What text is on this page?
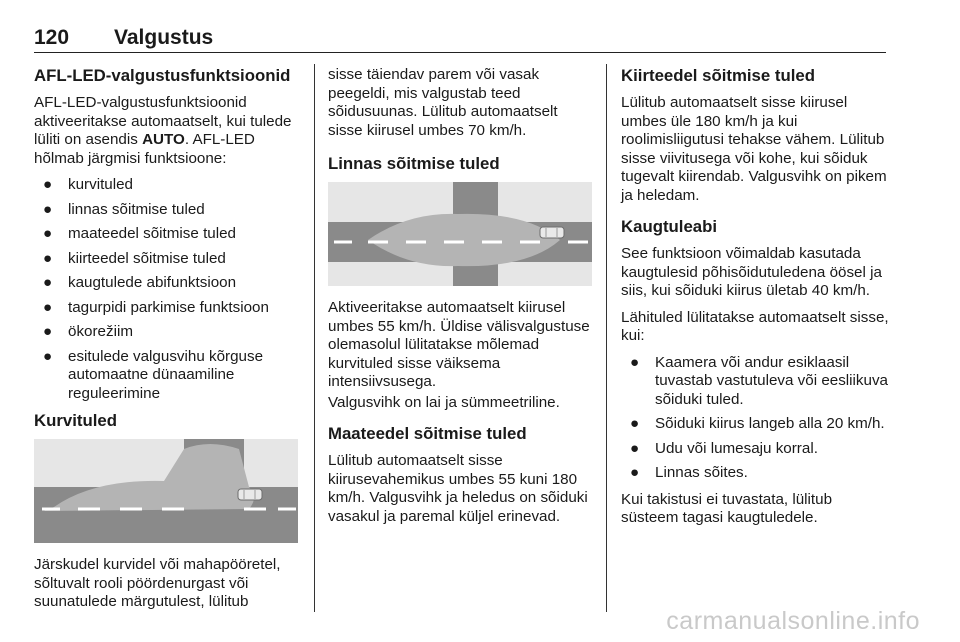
120 Valgustus
AFL-LED-valgustusfunktsioonid

AFL-LED-valgustusfunktsioonid aktiveeritakse automaatselt, kui tulede lüliti on asendis AUTO. AFL-LED hõlmab järgmisi funktsioone:

● kurvituled
● linnas sõitmise tuled
● maateedel sõitmise tuled
● kiirteedel sõitmise tuled
● kaugtulede abifunktsioon
● tagurpidi parkimise funktsioon
● ökorežiim
● esitulede valgusvihu kõrguse automaatne dünaamiline reguleerimine
Kurvituled

Järskudel kurvidel või mahapööretel, sõltuvalt rooli pöördenurgast või suunatulede märgutulest, lülitub

sisse täiendav parem või vasak peegeldi, mis valgustab teed sõidusuunas. Lülitub automaatselt sisse kiirusel umbes 70 km/h.

Linnas sõitmise tuled

Aktiveeritakse automaatselt kiirusel umbes 55 km/h. Üldise välisvalgustuse olemasolul lülitatakse mõlemad kurvituled sisse väiksema intensiivsusega.

Valgusvihk on lai ja sümmeetriline.

Maateedel sõitmise tuled

Lülitub automaatselt sisse kiirusevahemikus umbes 55 kuni 180 km/h. Valgusvihk ja heledus on sõiduki vasakul ja paremal küljel erinevad.

Kiirteedel sõitmise tuled

Lülitub automaatselt sisse kiirusel umbes üle 180 km/h ja kui roolimisliigutusi tehakse vähem. Lülitub sisse viivitusega või kohe, kui sõiduk tugevalt kiirendab. Valgusvihk on pikem ja heledam.

Kaugtuleabi

See funktsioon võimaldab kasutada kaugtulesid põhisõidutuledena öösel ja siis, kui sõiduki kiirus ületab 40 km/h.

Lähituled lülitatakse automaatselt sisse, kui:

● Kaamera või andur esiklaasil tuvastab vastutuleva või eesliikuva sõiduki tuled.
● Sõiduki kiirus langeb alla 20 km/h.
● Udu või lumesaju korral.
● Linnas sõites.

Kui takistusi ei tuvastata, lülitub süsteem tagasi kaugtuledele.

carmanualsonline.info
